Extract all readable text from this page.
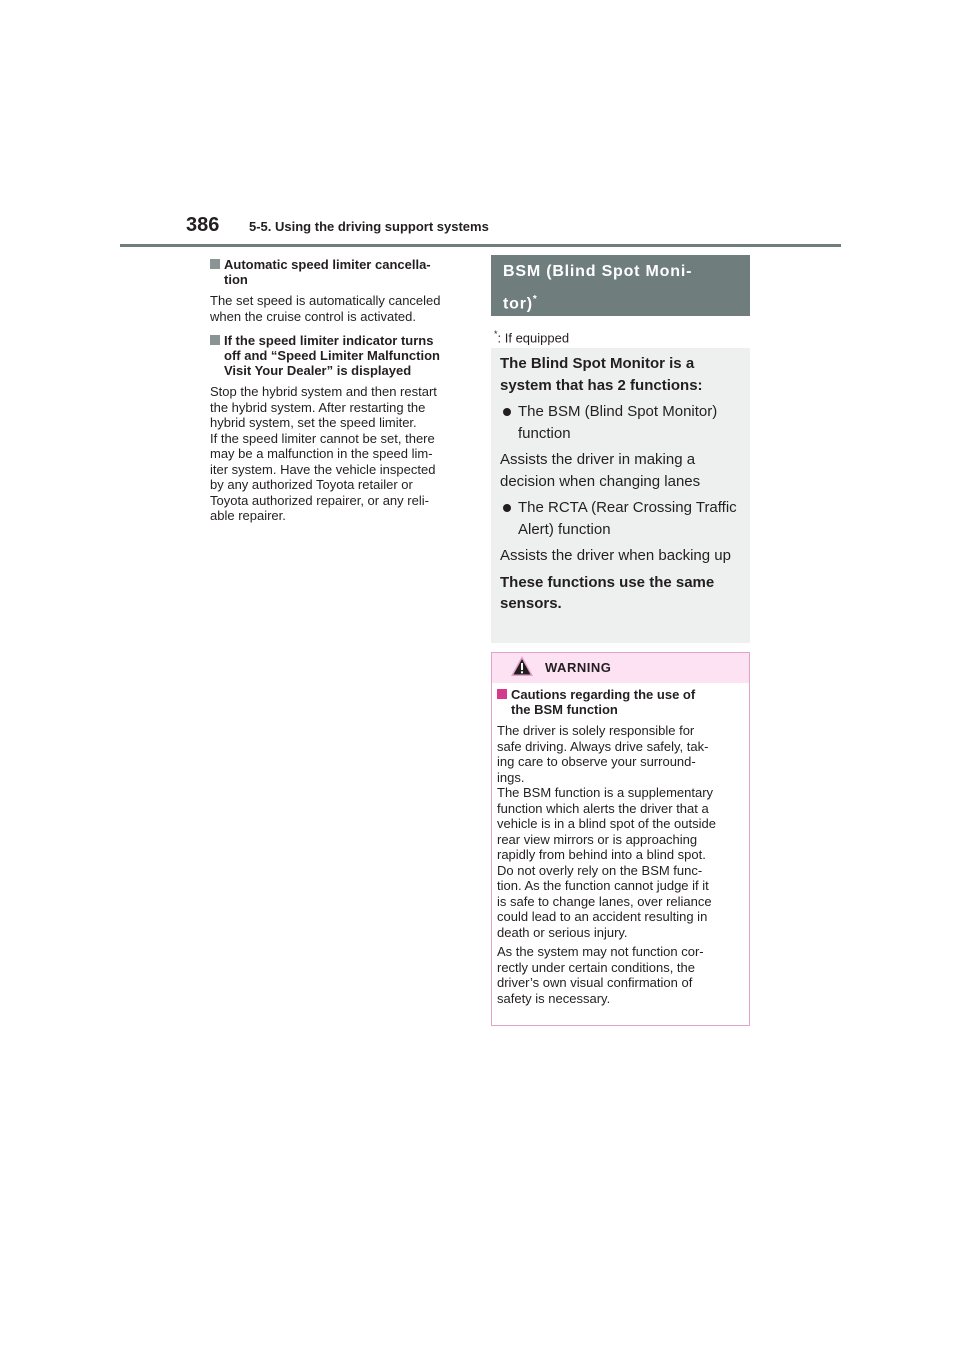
386 5-5. Using the driving support systems
Automatic speed limiter cancella-
tion
The set speed is automatically canceled
when the cruise control is activated.
If the speed limiter indicator turns
off and “Speed Limiter Malfunction
Visit Your Dealer” is displayed
Stop the hybrid system and then restart
the hybrid system. After restarting the
hybrid system, set the speed limiter.
If the speed limiter cannot be set, there
may be a malfunction in the speed lim-
iter system. Have the vehicle inspected
by any authorized Toyota retailer or
Toyota authorized repairer, or any reli-
able repairer.
BSM (Blind Spot Moni-
tor)*
*: If equipped
The Blind Spot Monitor is a system that has 2 functions:
The BSM (Blind Spot Monitor) function
Assists the driver in making a decision when changing lanes
The RCTA (Rear Crossing Traffic Alert) function
Assists the driver when backing up
These functions use the same sensors.
WARNING
Cautions regarding the use of
the BSM function
The driver is solely responsible for
safe driving. Always drive safely, tak-
ing care to observe your surround-
ings.
The BSM function is a supplementary
function which alerts the driver that a
vehicle is in a blind spot of the outside
rear view mirrors or is approaching
rapidly from behind into a blind spot.
Do not overly rely on the BSM func-
tion. As the function cannot judge if it
is safe to change lanes, over reliance
could lead to an accident resulting in
death or serious injury.
As the system may not function cor-
rectly under certain conditions, the
driver’s own visual confirmation of
safety is necessary.
